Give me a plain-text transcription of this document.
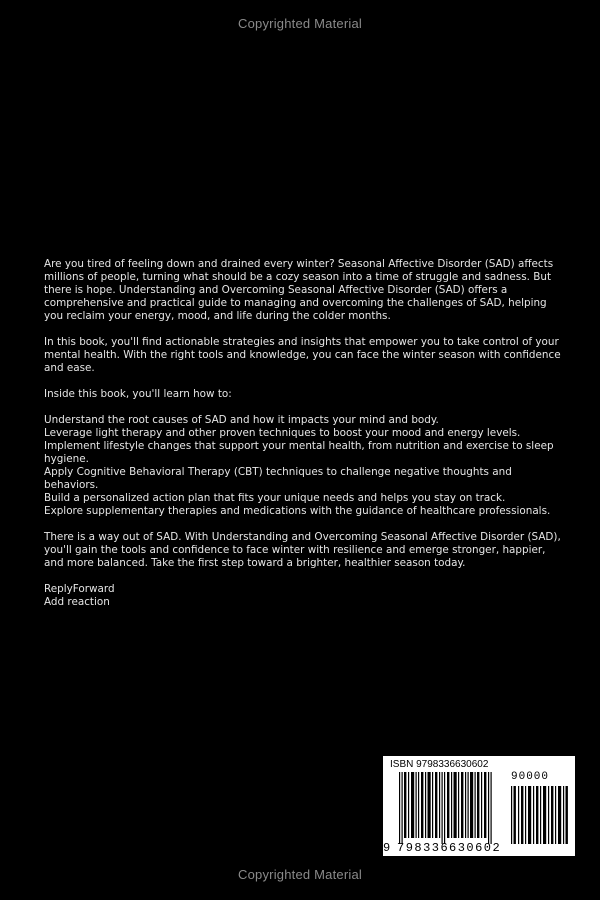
Copyrighted Material

Are you tired of feeling down and drained every winter? Seasonal Affective Disorder (SAD) affects millions of people, turning what should be a cozy season into a time of struggle and sadness. But there is hope. Understanding and Overcoming Seasonal Affective Disorder (SAD) offers a comprehensive and practical guide to managing and overcoming the challenges of SAD, helping you reclaim your energy, mood, and life during the colder months.

In this book, you'll find actionable strategies and insights that empower you to take control of your mental health. With the right tools and knowledge, you can face the winter season with confidence and ease.

Inside this book, you'll learn how to:

Understand the root causes of SAD and how it impacts your mind and body.
Leverage light therapy and other proven techniques to boost your mood and energy levels.
Implement lifestyle changes that support your mental health, from nutrition and exercise to sleep hygiene.
Apply Cognitive Behavioral Therapy (CBT) techniques to challenge negative thoughts and behaviors.
Build a personalized action plan that fits your unique needs and helps you stay on track.
Explore supplementary therapies and medications with the guidance of healthcare professionals.

There is a way out of SAD. With Understanding and Overcoming Seasonal Affective Disorder (SAD), you'll gain the tools and confidence to face winter with resilience and emerge stronger, happier, and more balanced. Take the first step toward a brighter, healthier season today.

ReplyForward
Add reaction
ISBN 9798336630602
90000
9 798336 630602
Copyrighted Material
